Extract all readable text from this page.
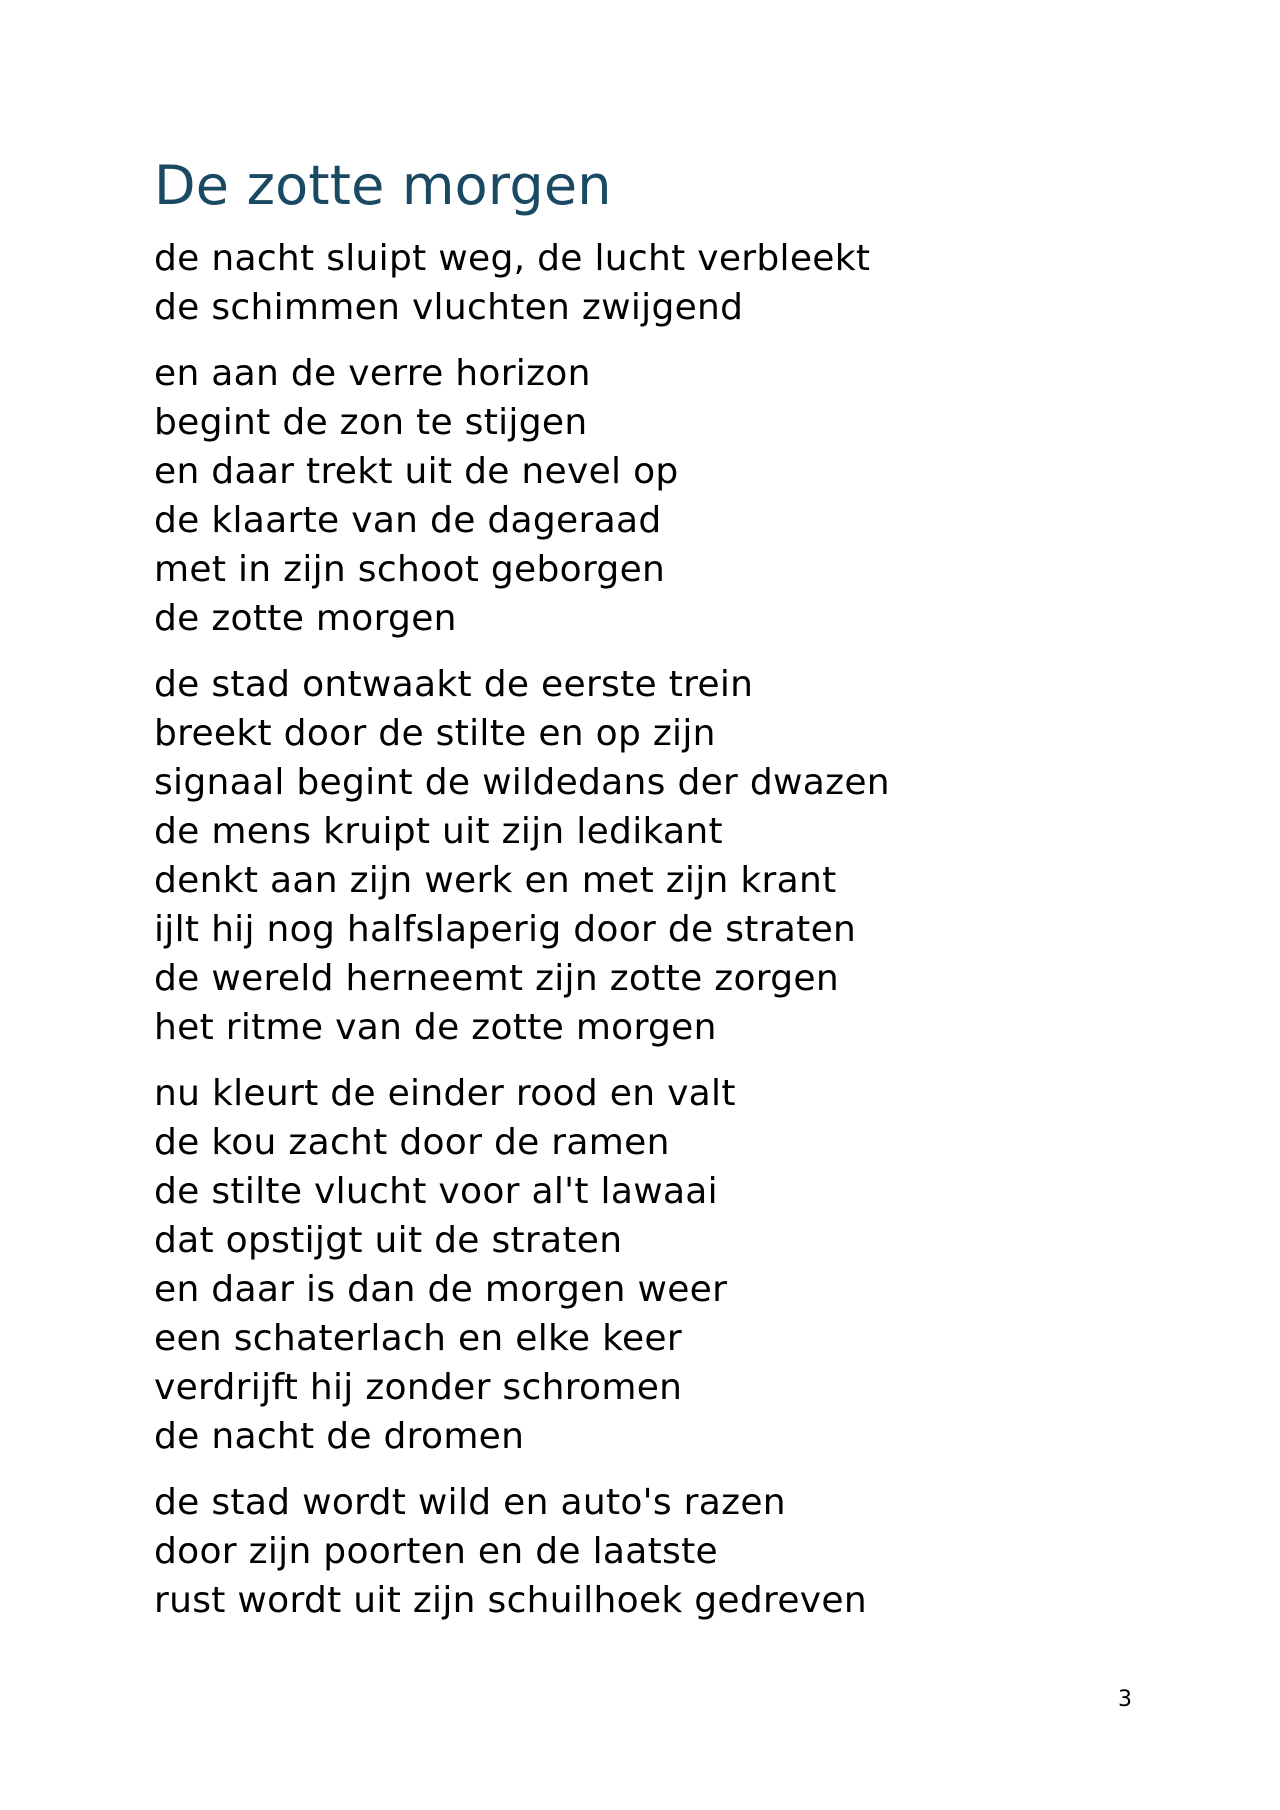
De zotte morgen
de nacht sluipt weg, de lucht verbleekt
de schimmen vluchten zwijgend
en aan de verre horizon
begint de zon te stijgen
en daar trekt uit de nevel op
de klaarte van de dageraad
met in zijn schoot geborgen
de zotte morgen
de stad ontwaakt de eerste trein
breekt door de stilte en op zijn
signaal begint de wildedans der dwazen
de mens kruipt uit zijn ledikant
denkt aan zijn werk en met zijn krant
ijlt hij nog halfslaperig door de straten
de wereld herneemt zijn zotte zorgen
het ritme van de zotte morgen
nu kleurt de einder rood en valt
de kou zacht door de ramen
de stilte vlucht voor al't lawaai
dat opstijgt uit de straten
en daar is dan de morgen weer
een schaterlach en elke keer
verdrijft hij zonder schromen
de nacht de dromen
de stad wordt wild en auto's razen
door zijn poorten en de laatste
rust wordt uit zijn schuilhoek gedreven
3
